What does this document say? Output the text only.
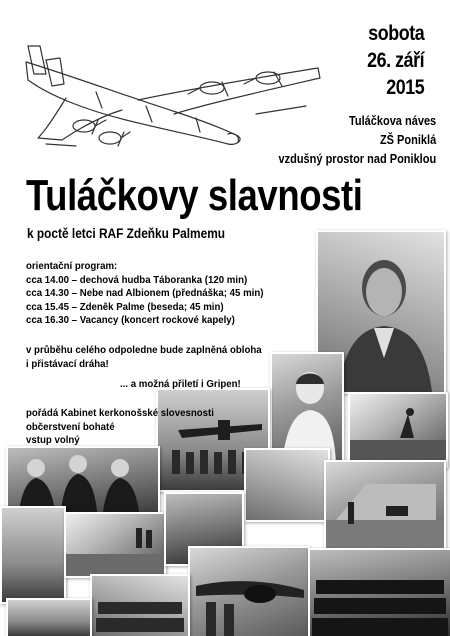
sobota
26. září
2015
Tuláčkova náves
ZŠ Poniklá
vzdušný prostor nad Poniklou
Tuláčkovy slavnosti
k poctě letci RAF Zdeňku Palmemu
orientační program:
cca 14.00 – dechová hudba Táboranka (120 min)
cca 14.30 – Nebe nad Albionem (přednáška; 45 min)
cca 15.45 – Zdeněk Palme (beseda; 45 min)
cca 16.30 – Vacancy (koncert rockové kapely)
v průběhu celého odpoledne bude zaplněná obloha
i přistávací dráha!
... a možná přiletí i Gripen!
pořádá Kabinet kerkonošské slovesnosti
občerstvení bohaté
vstup volný
